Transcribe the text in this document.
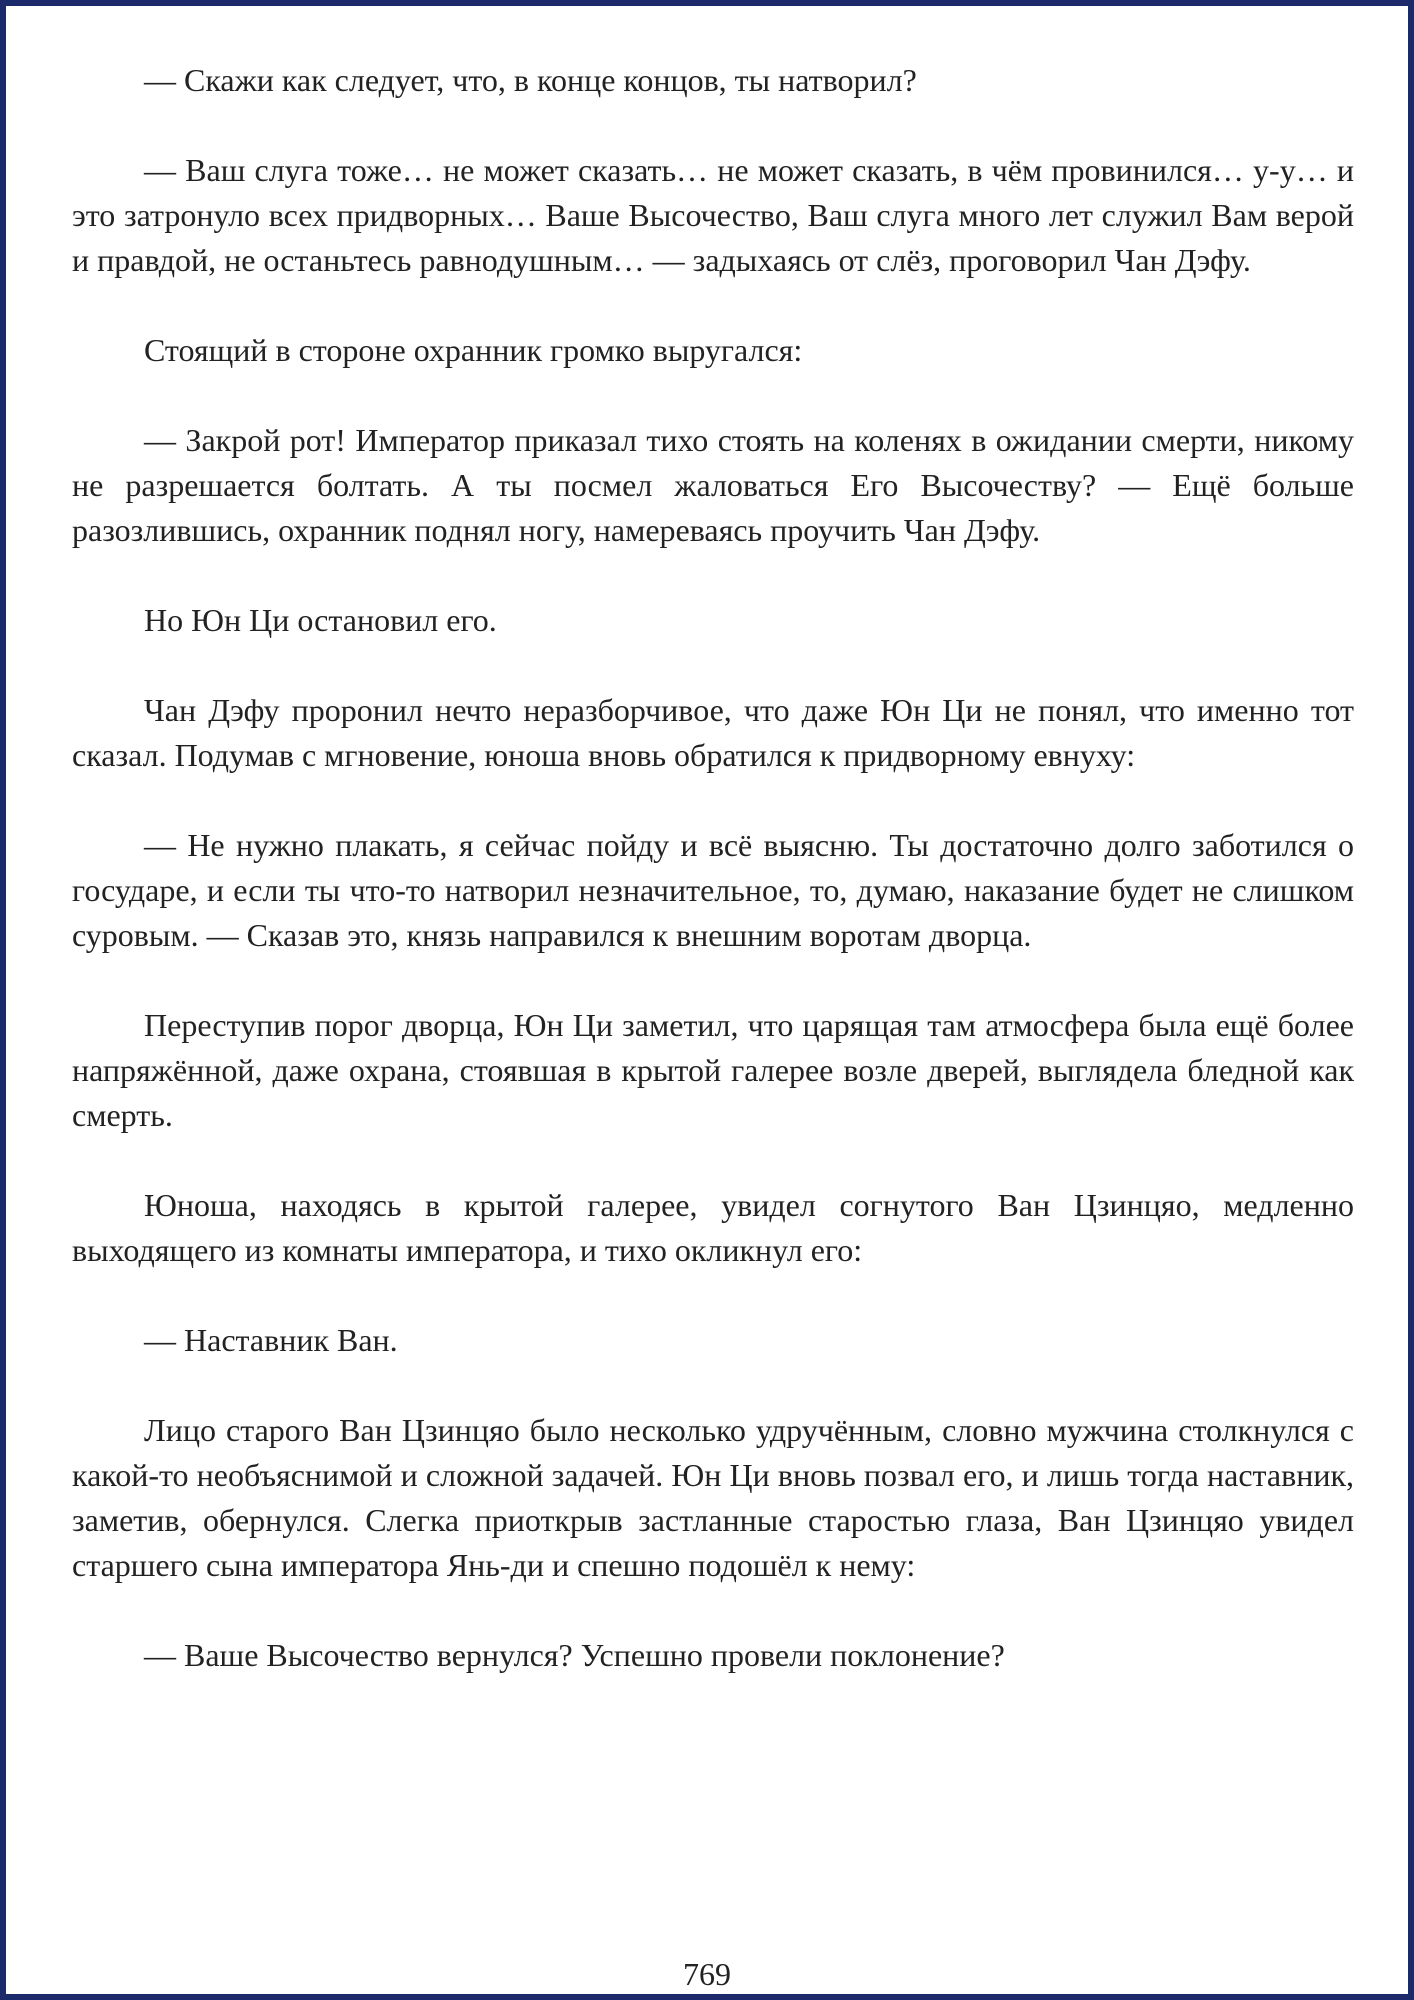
— Скажи как следует, что, в конце концов, ты натворил?

— Ваш слуга тоже… не может сказать… не может сказать, в чём провинился… у-у… и это затронуло всех придворных… Ваше Высочество, Ваш слуга много лет служил Вам верой и правдой, не останьтесь равнодушным… — задыхаясь от слёз, проговорил Чан Дэфу.

Стоящий в стороне охранник громко выругался:

— Закрой рот! Император приказал тихо стоять на коленях в ожидании смерти, никому не разрешается болтать. А ты посмел жаловаться Его Высочеству? — Ещё больше разозлившись, охранник поднял ногу, намереваясь проучить Чан Дэфу.

Но Юн Ци остановил его.

Чан Дэфу проронил нечто неразборчивое, что даже Юн Ци не понял, что именно тот сказал. Подумав с мгновение, юноша вновь обратился к придворному евнуху:

— Не нужно плакать, я сейчас пойду и всё выясню. Ты достаточно долго заботился о государе, и если ты что-то натворил незначительное, то, думаю, наказание будет не слишком суровым. — Сказав это, князь направился к внешним воротам дворца.

Переступив порог дворца, Юн Ци заметил, что царящая там атмосфера была ещё более напряжённой, даже охрана, стоявшая в крытой галерее возле дверей, выглядела бледной как смерть.

Юноша, находясь в крытой галерее, увидел согнутого Ван Цзинцяо, медленно выходящего из комнаты императора, и тихо окликнул его:

— Наставник Ван.

Лицо старого Ван Цзинцяо было несколько удручённым, словно мужчина столкнулся с какой-то необъяснимой и сложной задачей. Юн Ци вновь позвал его, и лишь тогда наставник, заметив, обернулся. Слегка приоткрыв застланные старостью глаза, Ван Цзинцяо увидел старшего сына императора Янь-ди и спешно подошёл к нему:

— Ваше Высочество вернулся? Успешно провели поклонение?

769
